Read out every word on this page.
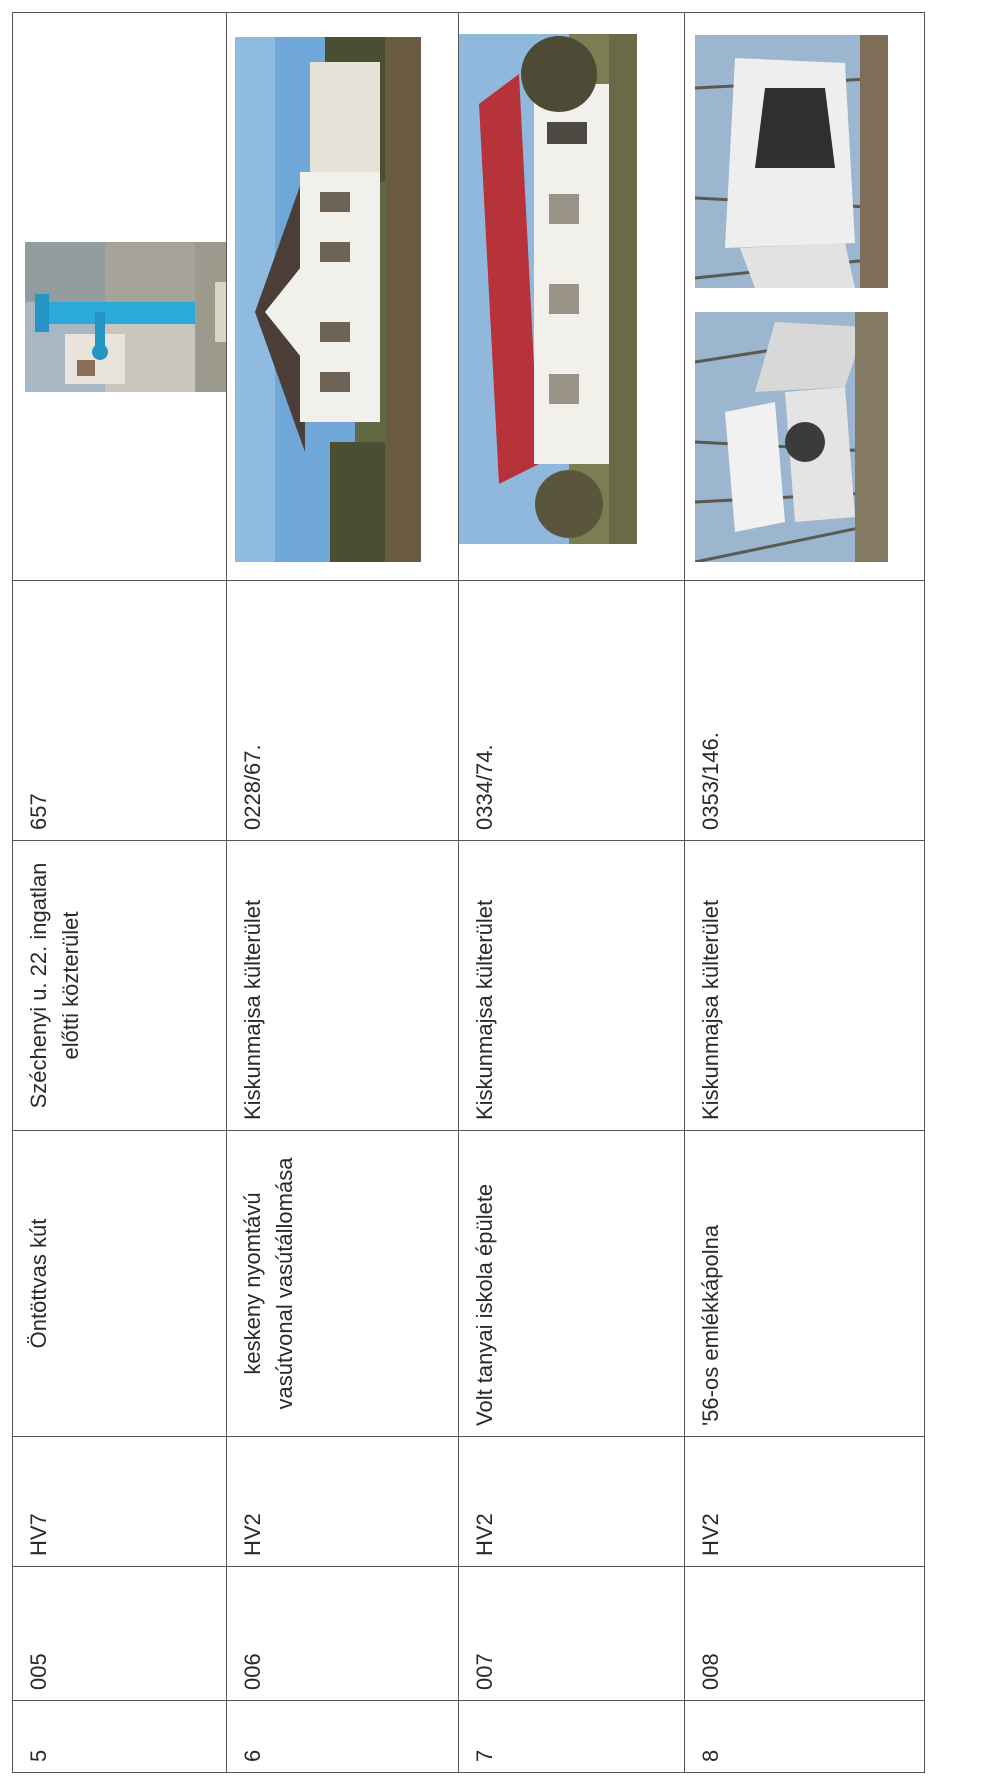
5	005	HV7	Öntöttvas kút	Széchenyi u. 22. ingatlan előtti közterület	657	

6	006	HV2	keskeny nyomtávú vasútvonal vasútállomása	Kiskunmajsa külterület	0228/67.	

7	007	HV2	Volt tanyai iskola épülete	Kiskunmajsa külterület	0334/74.	

8	008	HV2	'56-os emlékkápolna	Kiskunmajsa külterület	0353/146.	
